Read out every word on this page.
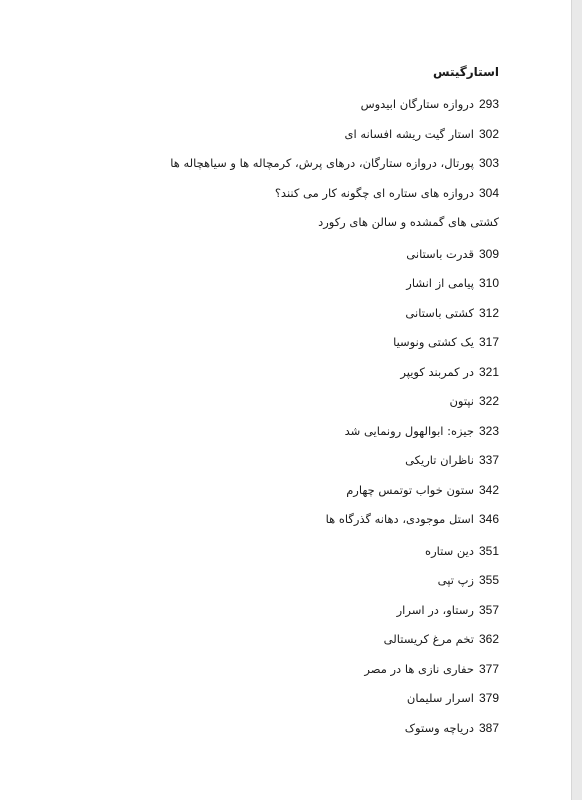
استارگیتس
293دروازه ستارگان ابیدوس
302استار گیت ریشه افسانه ای
303پورتال، دروازه ستارگان، درهای پرش، کرمچاله ها و سیاهچاله ها
304دروازه های ستاره ای چگونه کار می کنند؟
کشتی های گمشده و سالن های رکورد
309قدرت باستانی
310پیامی از انشار
312کشتی باستانی
317یک کشتی ونوسیا
321در کمربند کویپر
322نپتون
323جیزه: ابوالهول رونمایی شد
337ناظران تاریکی
342ستون خواب توتمس چهارم
346استل موجودی، دهانه گذرگاه ها
351دین ستاره
355زپ تپی
357رستاو، در اسرار
362تخم مرغ کریستالی
377حفاری نازی ها در مصر
379اسرار سلیمان
387دریاچه وستوک
